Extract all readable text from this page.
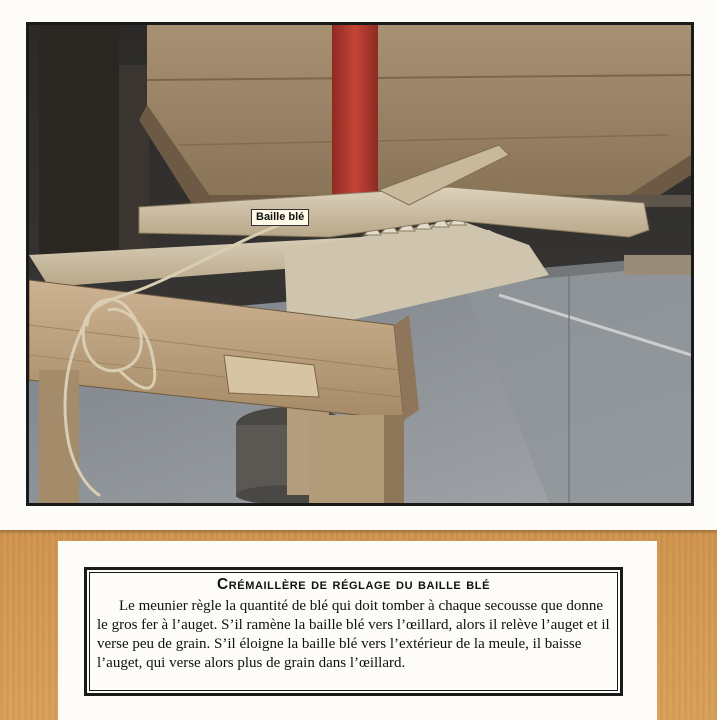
Baille blé
Crémaillère de réglage du baille blé

Le meunier règle la quantité de blé qui doit tomber à chaque secousse que donne le gros fer à l’auget. S’il ramène la baille blé vers l’œillard, alors il relève l’auget et il verse peu de grain. S’il éloigne la baille blé vers l’extérieur de la meule, il baisse l’auget, qui verse alors plus de grain dans l’œillard.
